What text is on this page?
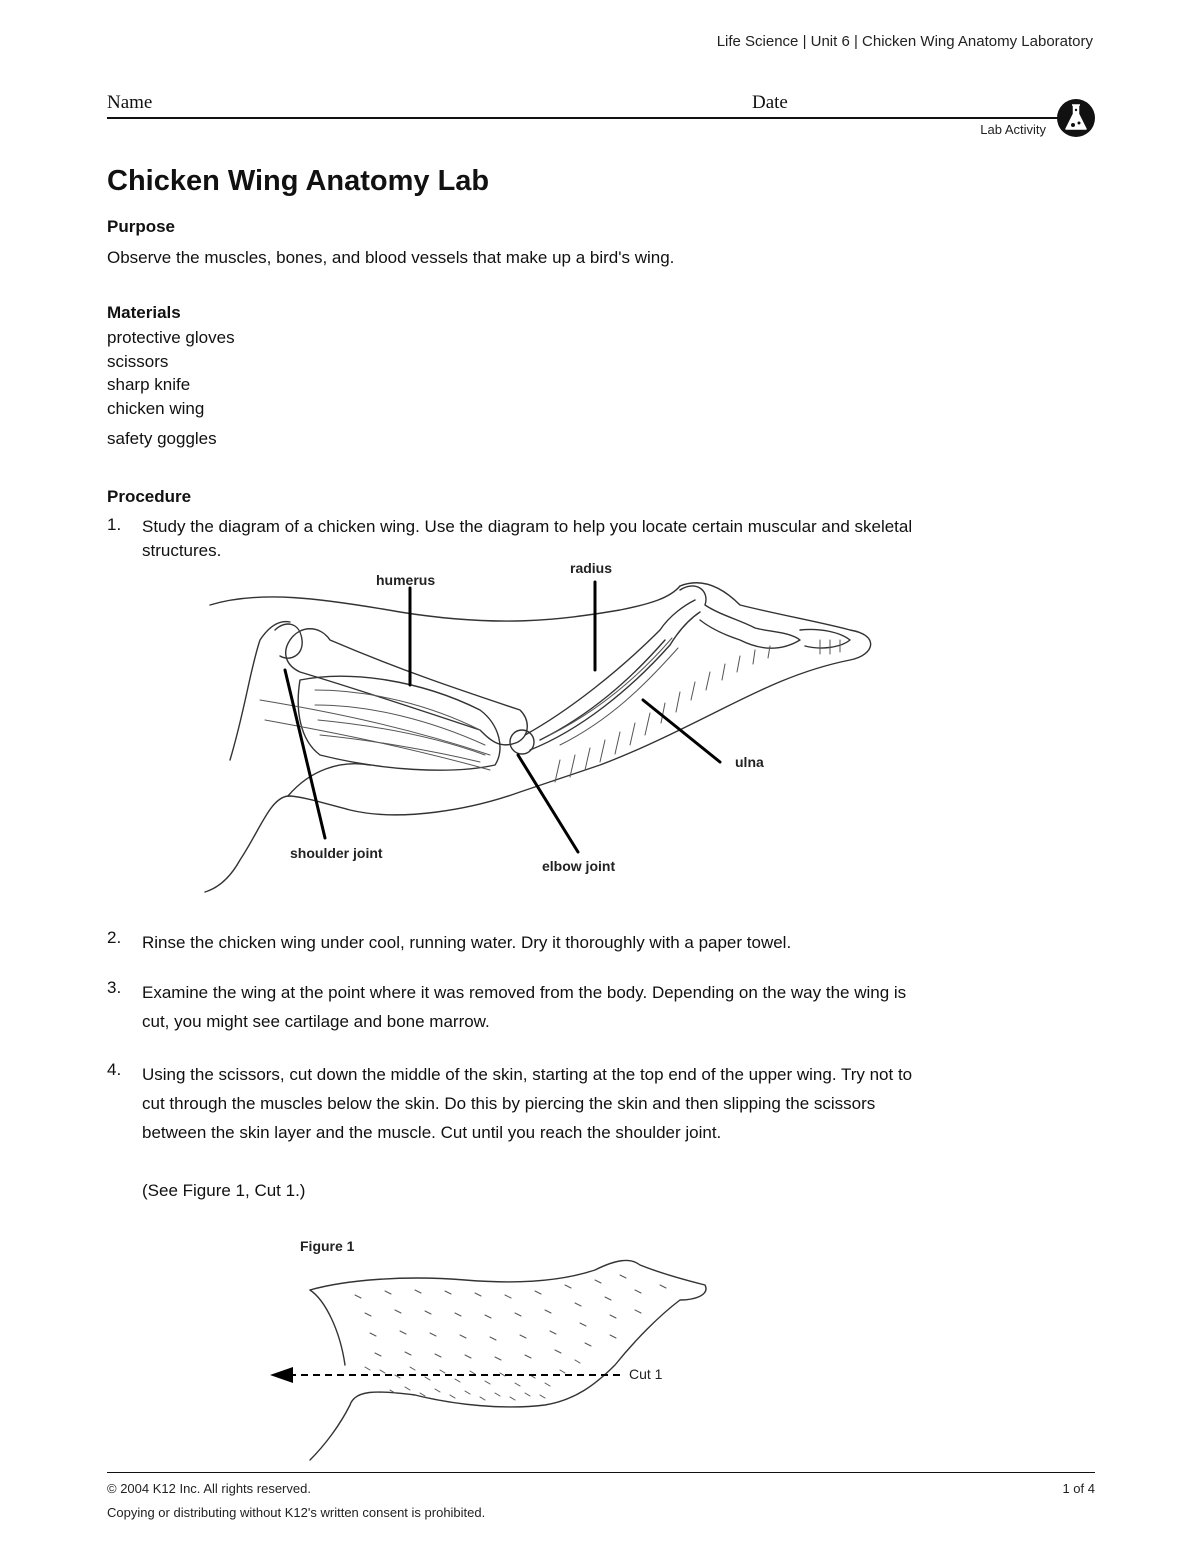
Life Science | Unit 6 | Chicken Wing Anatomy Laboratory
Name	Date
Lab Activity
Chicken Wing Anatomy Lab
Purpose
Observe the muscles, bones, and blood vessels that make up a bird's wing.
Materials
protective gloves
scissors
sharp knife
chicken wing
safety goggles
Procedure
1. Study the diagram of a chicken wing. Use the diagram to help you locate certain muscular and skeletal structures.
humerus
radius
ulna
shoulder joint
elbow joint
2. Rinse the chicken wing under cool, running water. Dry it thoroughly with a paper towel.
3. Examine the wing at the point where it was removed from the body. Depending on the way the wing is cut, you might see cartilage and bone marrow.
4. Using the scissors, cut down the middle of the skin, starting at the top end of the upper wing. Try not to cut through the muscles below the skin. Do this by piercing the skin and then slipping the scissors between the skin layer and the muscle. Cut until you reach the shoulder joint.
(See Figure 1, Cut 1.)
Figure 1
Cut 1
© 2004 K12 Inc. All rights reserved.	1 of 4
Copying or distributing without K12's written consent is prohibited.
